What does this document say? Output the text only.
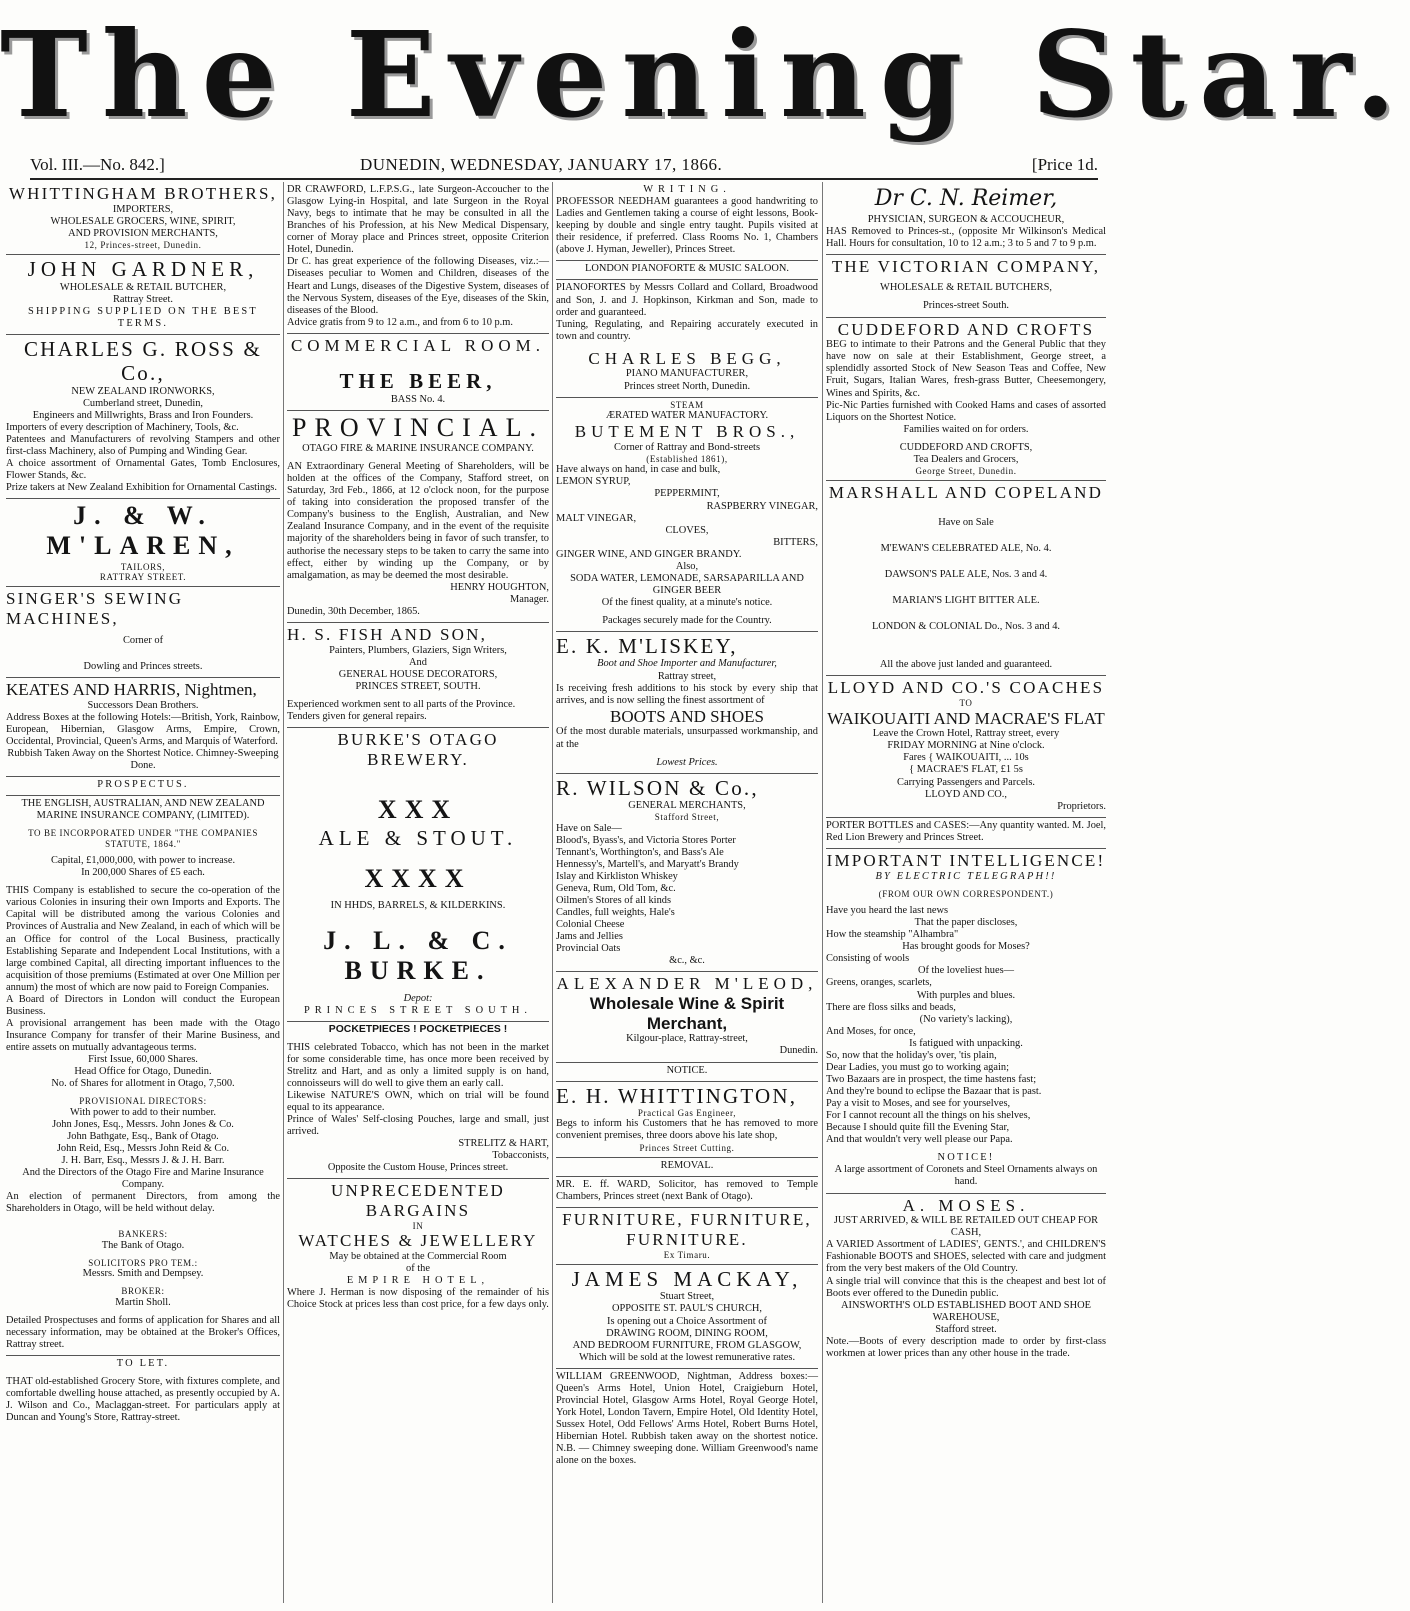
The Evening Star.
Vol. III.—No. 842.]	DUNEDIN, WEDNESDAY, JANUARY 17, 1866.	[Price 1d.

WHITTINGHAM BROTHERS,

IMPORTERS,

WHOLESALE GROCERS, WINE, SPIRIT,

AND PROVISION MERCHANTS,

12, Princes-street, Dunedin.

JOHN GARDNER,

WHOLESALE & RETAIL BUTCHER,

Rattray Street.

SHIPPING SUPPLIED ON THE BEST TERMS.

CHARLES G. ROSS & Co.,

NEW ZEALAND IRONWORKS,

Cumberland street, Dunedin,

Engineers and Millwrights, Brass and Iron Founders.

Importers of every description of Machinery, Tools, &c.

Patentees and Manufacturers of revolving Stampers and other first-class Machinery, also of Pumping and Winding Gear.

A choice assortment of Ornamental Gates, Tomb Enclosures, Flower Stands, &c.

Prize takers at New Zealand Exhibition for Ornamental Castings.

J. & W. M'LAREN,

TAILORS,

RATTRAY STREET.

SINGER'S SEWING MACHINES,

Corner of

Dowling and Princes streets.

KEATES AND HARRIS, Nightmen,

Successors Dean Brothers.

Address Boxes at the following Hotels:—British, York, Rainbow, European, Hibernian, Glasgow Arms, Empire, Crown, Occidental, Provincial, Queen's Arms, and Marquis of Waterford.

Rubbish Taken Away on the Shortest Notice. Chimney-Sweeping Done.

PROSPECTUS.

THE ENGLISH, AUSTRALIAN, AND NEW ZEALAND MARINE INSURANCE COMPANY, (LIMITED).

TO BE INCORPORATED UNDER "THE COMPANIES STATUTE, 1864."

Capital, £1,000,000, with power to increase.

In 200,000 Shares of £5 each.

THIS Company is established to secure the co-operation of the various Colonies in insuring their own Imports and Exports. The Capital will be distributed among the various Colonies and Provinces of Australia and New Zealand, in each of which will be an Office for control of the Local Business, practically Establishing Separate and Independent Local Institutions, with a large combined Capital, all directing important influences to the acquisition of those premiums (Estimated at over One Million per annum) the most of which are now paid to Foreign Companies.

A Board of Directors in London will conduct the European Business.

A provisional arrangement has been made with the Otago Insurance Company for transfer of their Marine Business, and entire assets on mutually advantageous terms.

First Issue, 60,000 Shares.

Head Office for Otago, Dunedin.

No. of Shares for allotment in Otago, 7,500.

PROVISIONAL DIRECTORS:

With power to add to their number.

John Jones, Esq., Messrs. John Jones & Co.

John Bathgate, Esq., Bank of Otago.

John Reid, Esq., Messrs John Reid & Co.

J. H. Barr, Esq., Messrs J. & J. H. Barr.

And the Directors of the Otago Fire and Marine Insurance Company.

An election of permanent Directors, from among the Shareholders in Otago, will be held without delay.

BANKERS:

The Bank of Otago.

SOLICITORS PRO TEM.:

Messrs. Smith and Dempsey.

BROKER:

Martin Sholl.

Detailed Prospectuses and forms of application for Shares and all necessary information, may be obtained at the Broker's Offices, Rattray street.

TO LET.

THAT old-established Grocery Store, with fixtures complete, and comfortable dwelling house attached, as presently occupied by A. J. Wilson and Co., Maclaggan-street. For particulars apply at Duncan and Young's Store, Rattray-street.

DR CRAWFORD, L.F.P.S.G., late Surgeon-Accoucher to the Glasgow Lying-in Hospital, and late Surgeon in the Royal Navy, begs to intimate that he may be consulted in all the Branches of his Profession, at his New Medical Dispensary, corner of Moray place and Princes street, opposite Criterion Hotel, Dunedin.

Dr C. has great experience of the following Diseases, viz.:—Diseases peculiar to Women and Children, diseases of the Heart and Lungs, diseases of the Digestive System, diseases of the Nervous System, diseases of the Eye, diseases of the Skin, diseases of the Blood.

Advice gratis from 9 to 12 a.m., and from 6 to 10 p.m.

COMMERCIAL ROOM.

THE BEER,

BASS No. 4.

PROVINCIAL.

OTAGO FIRE & MARINE INSURANCE COMPANY.

AN Extraordinary General Meeting of Shareholders, will be holden at the offices of the Company, Stafford street, on Saturday, 3rd Feb., 1866, at 12 o'clock noon, for the purpose of taking into consideration the proposed transfer of the Company's business to the English, Australian, and New Zealand Insurance Company, and in the event of the requisite majority of the shareholders being in favor of such transfer, to authorise the necessary steps to be taken to carry the same into effect, either by winding up the Company, or by amalgamation, as may be deemed the most desirable.

HENRY HOUGHTON,

Manager.

Dunedin, 30th December, 1865.

H. S. FISH AND SON,

Painters, Plumbers, Glaziers, Sign Writers,

And

GENERAL HOUSE DECORATORS,

PRINCES STREET, SOUTH.

Experienced workmen sent to all parts of the Province.

Tenders given for general repairs.

BURKE'S OTAGO BREWERY.

XXX

ALE & STOUT.

XXXX

IN HHDS, BARRELS, & KILDERKINS.

J. L. & C. BURKE.

Depot:

PRINCES STREET SOUTH.

POCKETPIECES ! POCKETPIECES !

THIS celebrated Tobacco, which has not been in the market for some considerable time, has once more been received by Strelitz and Hart, and as only a limited supply is on hand, connoisseurs will do well to give them an early call.

Likewise NATURE'S OWN, which on trial will be found equal to its appearance.

Prince of Wales' Self-closing Pouches, large and small, just arrived.

STRELITZ & HART,

Tobacconists,

Opposite the Custom House, Princes street.

UNPRECEDENTED BARGAINS

IN

WATCHES & JEWELLERY

May be obtained at the Commercial Room

of the

EMPIRE HOTEL,

Where J. Herman is now disposing of the remainder of his Choice Stock at prices less than cost price, for a few days only.

WRITING.

PROFESSOR NEEDHAM guarantees a good handwriting to Ladies and Gentlemen taking a course of eight lessons, Book-keeping by double and single entry taught. Pupils visited at their residence, if preferred. Class Rooms No. 1, Chambers (above J. Hyman, Jeweller), Princes Street.

LONDON PIANOFORTE & MUSIC SALOON.

PIANOFORTES by Messrs Collard and Collard, Broadwood and Son, J. and J. Hopkinson, Kirkman and Son, made to order and guaranteed.

Tuning, Regulating, and Repairing accurately executed in town and country.

CHARLES BEGG,

PIANO MANUFACTURER,

Princes street North, Dunedin.

STEAM

ÆRATED WATER MANUFACTORY.

BUTEMENT BROS.,

Corner of Rattray and Bond-streets

(Established 1861),

Have always on hand, in case and bulk,

LEMON SYRUP,

PEPPERMINT,

RASPBERRY VINEGAR,

MALT VINEGAR,

CLOVES,

BITTERS,

GINGER WINE, AND GINGER BRANDY.

Also,

SODA WATER, LEMONADE, SARSAPARILLA AND GINGER BEER

Of the finest quality, at a minute's notice.

Packages securely made for the Country.

E. K. M'LISKEY,

Boot and Shoe Importer and Manufacturer,

Rattray street,

Is receiving fresh additions to his stock by every ship that arrives, and is now selling the finest assortment of

BOOTS AND SHOES

Of the most durable materials, unsurpassed workmanship, and at the

Lowest Prices.

R. WILSON & Co.,

GENERAL MERCHANTS,

Stafford Street,

Have on Sale—

Blood's, Byass's, and Victoria Stores Porter

Tennant's, Worthington's, and Bass's Ale

Hennessy's, Martell's, and Maryatt's Brandy

Islay and Kirkliston Whiskey

Geneva, Rum, Old Tom, &c.

Oilmen's Stores of all kinds

Candles, full weights, Hale's

Colonial Cheese

Jams and Jellies

Provincial Oats

&c., &c.

ALEXANDER M'LEOD,

Wholesale Wine & Spirit Merchant,

Kilgour-place, Rattray-street,

Dunedin.

NOTICE.

E. H. WHITTINGTON,

Practical Gas Engineer,

Begs to inform his Customers that he has removed to more convenient premises, three doors above his late shop,

Princes Street Cutting.

REMOVAL.

MR. E. ff. WARD, Solicitor, has removed to Temple Chambers, Princes street (next Bank of Otago).

FURNITURE, FURNITURE,

FURNITURE.

Ex Timaru.

JAMES MACKAY,

Stuart Street,

OPPOSITE ST. PAUL'S CHURCH,

Is opening out a Choice Assortment of

DRAWING ROOM, DINING ROOM,

AND BEDROOM FURNITURE, FROM GLASGOW,

Which will be sold at the lowest remunerative rates.

WILLIAM GREENWOOD, Nightman, Address boxes:—Queen's Arms Hotel, Union Hotel, Craigieburn Hotel, Provincial Hotel, Glasgow Arms Hotel, Royal George Hotel, York Hotel, London Tavern, Empire Hotel, Old Identity Hotel, Sussex Hotel, Odd Fellows' Arms Hotel, Robert Burns Hotel, Hibernian Hotel. Rubbish taken away on the shortest notice. N.B. — Chimney sweeping done. William Greenwood's name alone on the boxes.

Dr C. N. Reimer,

PHYSICIAN, SURGEON & ACCOUCHEUR,

HAS Removed to Princes-st., (opposite Mr Wilkinson's Medical Hall. Hours for consultation, 10 to 12 a.m.; 3 to 5 and 7 to 9 p.m.

THE VICTORIAN COMPANY,

WHOLESALE & RETAIL BUTCHERS,

Princes-street South.

CUDDEFORD AND CROFTS

BEG to intimate to their Patrons and the General Public that they have now on sale at their Establishment, George street, a splendidly assorted Stock of New Season Teas and Coffee, New Fruit, Sugars, Italian Wares, fresh-grass Butter, Cheesemongery, Wines and Spirits, &c.

Pic-Nic Parties furnished with Cooked Hams and cases of assorted Liquors on the Shortest Notice.

Families waited on for orders.

CUDDEFORD AND CROFTS,

Tea Dealers and Grocers,

George Street, Dunedin.

MARSHALL AND COPELAND

Have on Sale

M'EWAN'S CELEBRATED ALE, No. 4.

DAWSON'S PALE ALE, Nos. 3 and 4.

MARIAN'S LIGHT BITTER ALE.

LONDON & COLONIAL Do., Nos. 3 and 4.

All the above just landed and guaranteed.

LLOYD AND CO.'S COACHES

TO

WAIKOUAITI AND MACRAE'S FLAT

Leave the Crown Hotel, Rattray street, every

FRIDAY MORNING at Nine o'clock.

Fares { WAIKOUAITI, ... 10s

{ MACRAE'S FLAT, £1 5s

Carrying Passengers and Parcels.

LLOYD AND CO.,

Proprietors.

PORTER BOTTLES and CASES:—Any quantity wanted. M. Joel, Red Lion Brewery and Princes Street.

IMPORTANT INTELLIGENCE!

BY ELECTRIC TELEGRAPH!!

(FROM OUR OWN CORRESPONDENT.)

Have you heard the last news

That the paper discloses,

How the steamship "Alhambra"

Has brought goods for Moses?

Consisting of wools

Of the loveliest hues—

Greens, oranges, scarlets,

With purples and blues.

There are floss silks and beads,

(No variety's lacking),

And Moses, for once,

Is fatigued with unpacking.

So, now that the holiday's over, 'tis plain,

Dear Ladies, you must go to working again;

Two Bazaars are in prospect, the time hastens fast;

And they're bound to eclipse the Bazaar that is past.

Pay a visit to Moses, and see for yourselves,

For I cannot recount all the things on his shelves,

Because I should quite fill the Evening Star,

And that wouldn't very well please our Papa.

NOTICE!

A large assortment of Coronets and Steel Ornaments always on hand.

A. MOSES.

JUST ARRIVED, & WILL BE RETAILED OUT CHEAP FOR CASH,

A VARIED Assortment of LADIES', GENTS.', and CHILDREN'S Fashionable BOOTS and SHOES, selected with care and judgment from the very best makers of the Old Country.

A single trial will convince that this is the cheapest and best lot of Boots ever offered to the Dunedin public.

AINSWORTH'S OLD ESTABLISHED BOOT AND SHOE WAREHOUSE,

Stafford street.

Note.—Boots of every description made to order by first-class workmen at lower prices than any other house in the trade.
